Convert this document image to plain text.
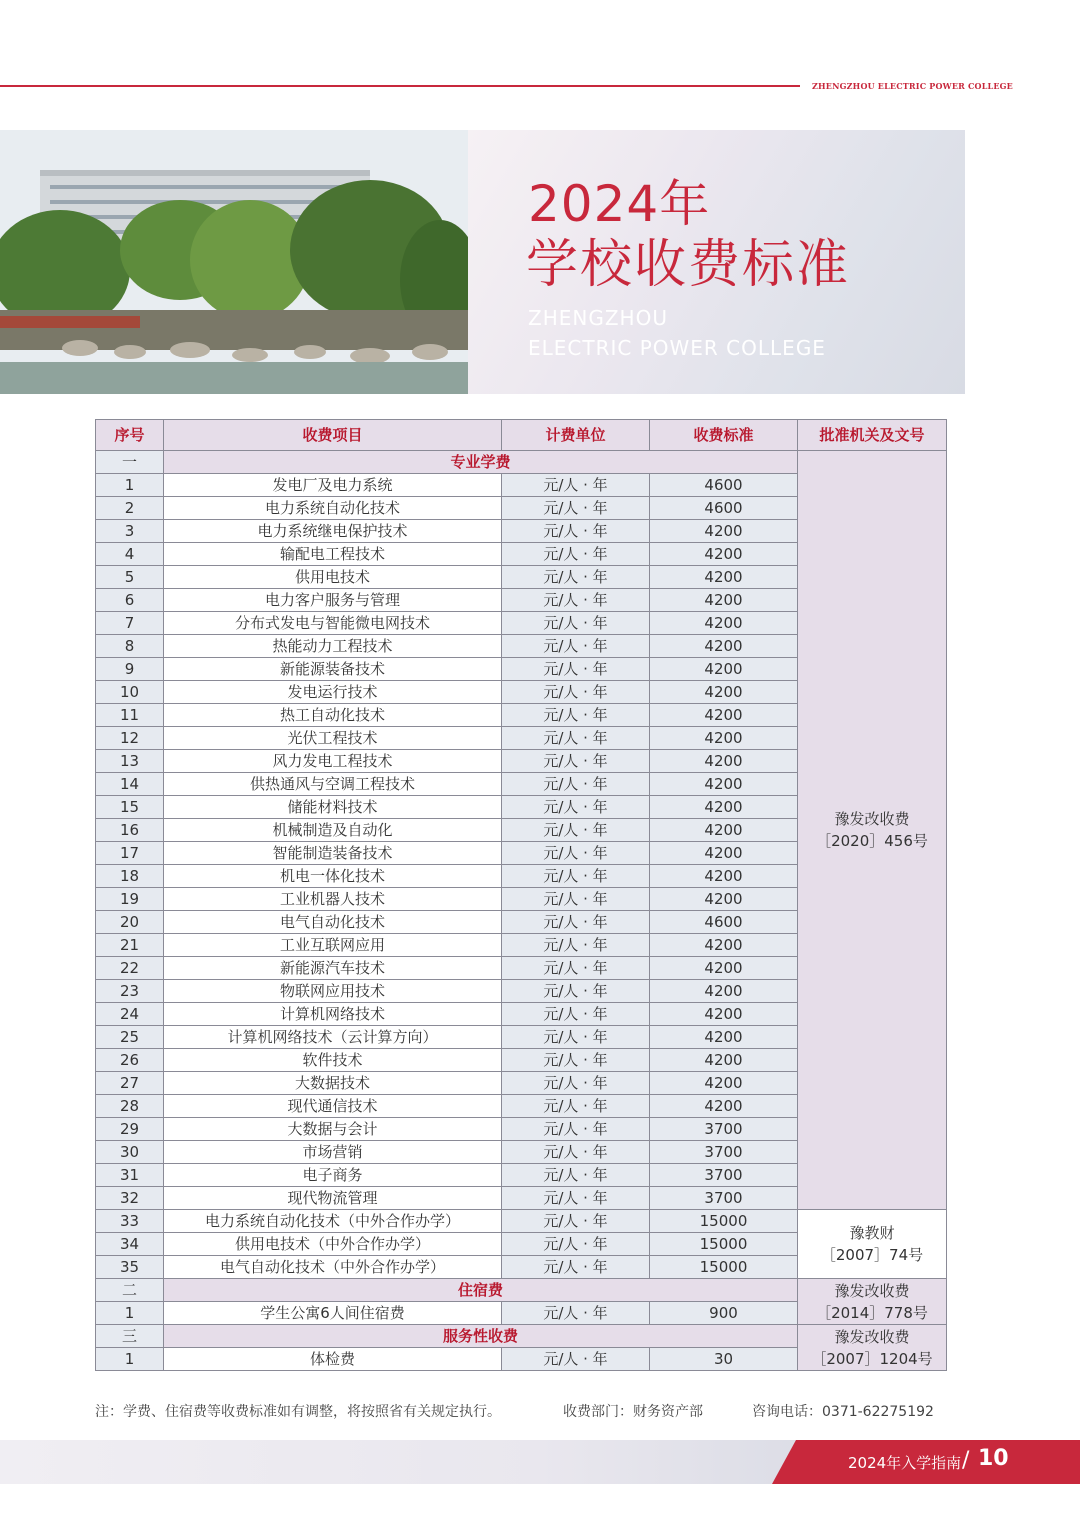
ZHENGZHOU ELECTRIC POWER COLLEGE
2024年
学校收费标准
ZHENGZHOU
ELECTRIC POWER COLLEGE
序号	收费项目	计费单位	收费标准	批准机关及文号
一	专业学费			豫发改收费
［2020］456号

1	发电厂及电力系统	元/人 · 年	4600	
2	电力系统自动化技术	元/人 · 年	4600	
3	电力系统继电保护技术	元/人 · 年	4200	
4	输配电工程技术	元/人 · 年	4200	
5	供用电技术	元/人 · 年	4200	
6	电力客户服务与管理	元/人 · 年	4200	
7	分布式发电与智能微电网技术	元/人 · 年	4200	
8	热能动力工程技术	元/人 · 年	4200	
9	新能源装备技术	元/人 · 年	4200	
10	发电运行技术	元/人 · 年	4200	
11	热工自动化技术	元/人 · 年	4200	
12	光伏工程技术	元/人 · 年	4200	
13	风力发电工程技术	元/人 · 年	4200	
14	供热通风与空调工程技术	元/人 · 年	4200	
15	储能材料技术	元/人 · 年	4200	
16	机械制造及自动化	元/人 · 年	4200	
17	智能制造装备技术	元/人 · 年	4200	
18	机电一体化技术	元/人 · 年	4200	
19	工业机器人技术	元/人 · 年	4200	
20	电气自动化技术	元/人 · 年	4600	
21	工业互联网应用	元/人 · 年	4200	
22	新能源汽车技术	元/人 · 年	4200	
23	物联网应用技术	元/人 · 年	4200	
24	计算机网络技术	元/人 · 年	4200	
25	计算机网络技术（云计算方向）	元/人 · 年	4200	
26	软件技术	元/人 · 年	4200	
27	大数据技术	元/人 · 年	4200	
28	现代通信技术	元/人 · 年	4200	
29	大数据与会计	元/人 · 年	3700	
30	市场营销	元/人 · 年	3700	
31	电子商务	元/人 · 年	3700	
32	现代物流管理	元/人 · 年	3700	
33	电力系统自动化技术（中外合作办学）	元/人 · 年	15000	豫教财
［2007］74号

34	供用电技术（中外合作办学）	元/人 · 年	15000	
35	电气自动化技术（中外合作办学）	元/人 · 年	15000	
二	住宿费			豫发改收费
［2014］778号

1	学生公寓6人间住宿费	元/人 · 年	900	
三	服务性收费			豫发改收费
［2007］1204号

1	体检费	元/人 · 年	30	
注：学费、住宿费等收费标准如有调整，将按照省有关规定执行。	收费部门：财务资产部	咨询电话：0371-62275192
2024年入学指南 / 10
